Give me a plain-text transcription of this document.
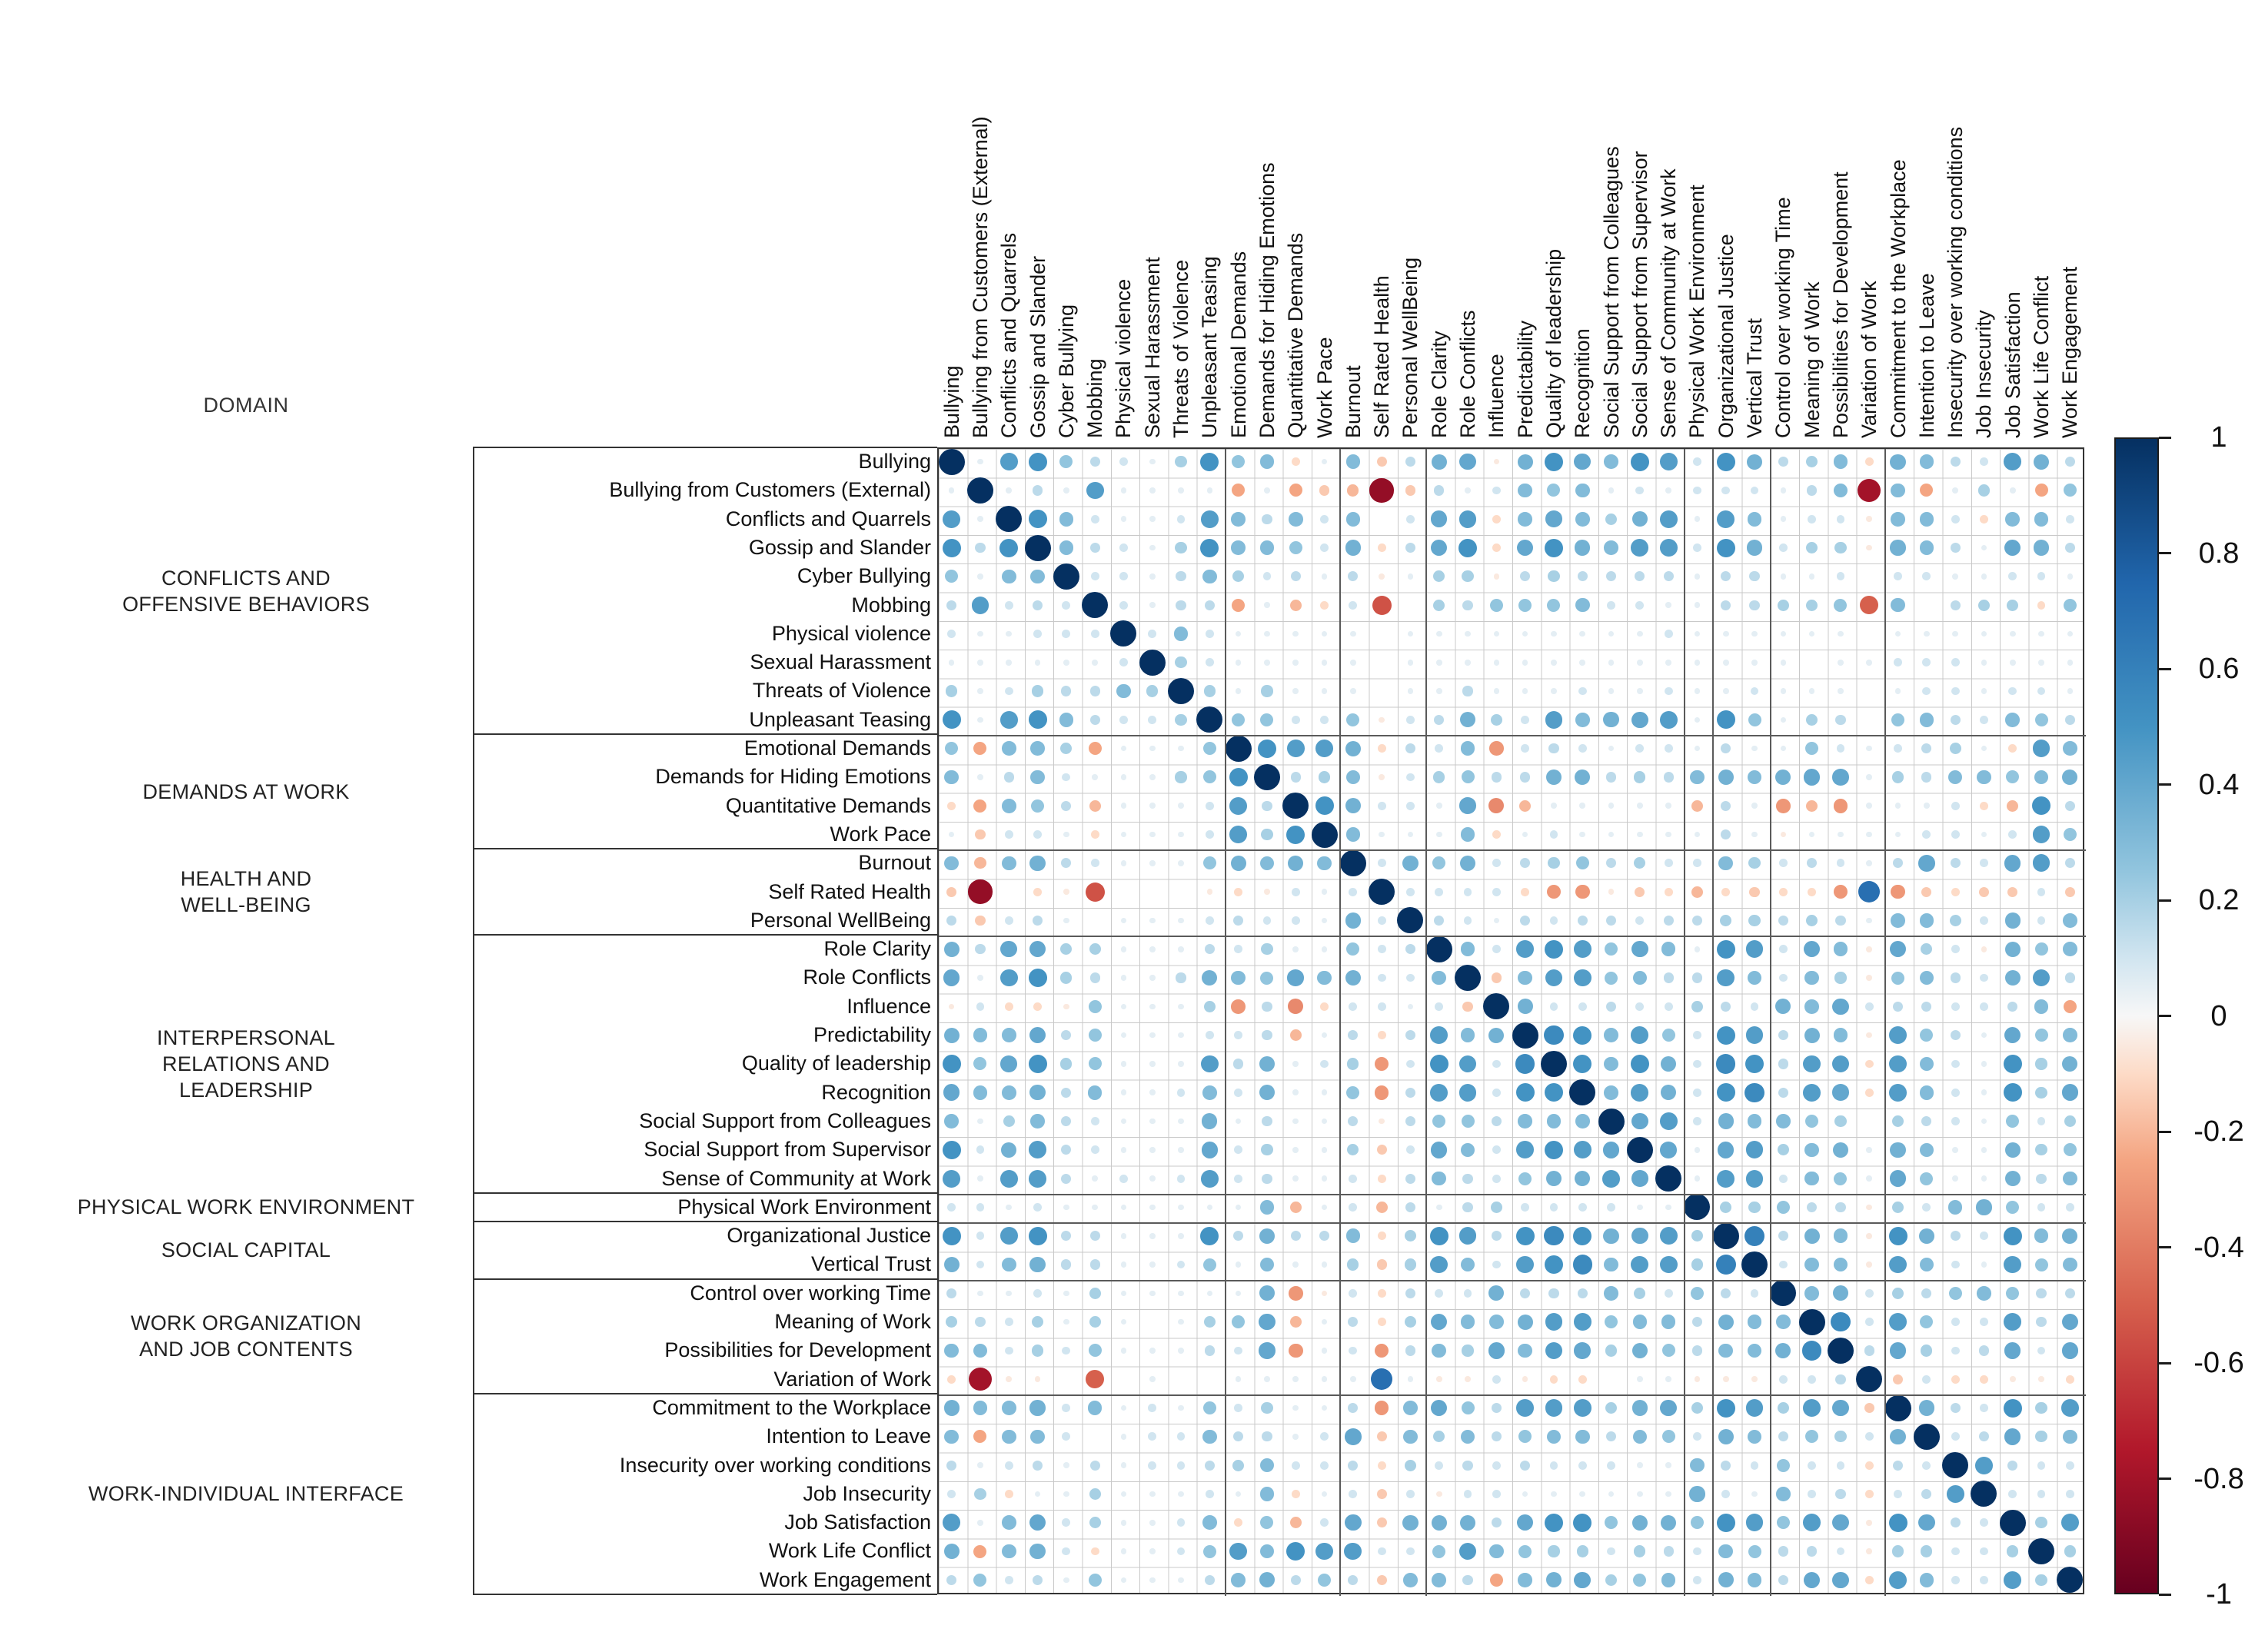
DOMAIN
Bullying
Bullying from Customers (External)
Conflicts and Quarrels
Gossip and Slander
Cyber Bullying
Mobbing
Physical violence
Sexual Harassment
Threats of Violence
Unpleasant Teasing
Emotional Demands
Demands for Hiding Emotions
Quantitative Demands
Work Pace
Burnout
Self Rated Health
Personal WellBeing
Role Clarity
Role Conflicts
Influence
Predictability
Quality of leadership
Recognition
Social Support from Colleagues
Social Support from Supervisor
Sense of Community at Work
Physical Work Environment
Organizational Justice
Vertical Trust
Control over working Time
Meaning of Work
Possibilities for Development
Variation of Work
Commitment to the Workplace
Intention to Leave
Insecurity over working conditions
Job Insecurity
Job Satisfaction
Work Life Conflict
Work Engagement
Bullying Bullying from Customers (External) Conflicts and Quarrels Gossip and Slander Cyber Bullying Mobbing Physical violence Sexual Harassment Threats of Violence Unpleasant Teasing Emotional Demands Demands for Hiding Emotions Quantitative Demands Work Pace Burnout Self Rated Health Personal WellBeing Role Clarity Role Conflicts Influence Predictability Quality of leadership Recognition Social Support from Colleagues Social Support from Supervisor Sense of Community at Work Physical Work Environment Organizational Justice Vertical Trust Control over working Time Meaning of Work Possibilities for Development Variation of Work Commitment to the Workplace Intention to Leave Insecurity over working conditions Job Insecurity Job Satisfaction Work Life Conflict Work Engagement
CONFLICTS AND
OFFENSIVE BEHAVIORS
DEMANDS AT WORK
HEALTH AND
WELL-BEING
INTERPERSONAL
RELATIONS AND
LEADERSHIP
PHYSICAL WORK ENVIRONMENT
SOCIAL CAPITAL
WORK ORGANIZATION
AND JOB CONTENTS
WORK-INDIVIDUAL INTERFACE
1
0.8
0.6
0.4
0.2
0
-0.2
-0.4
-0.6
-0.8
-1
